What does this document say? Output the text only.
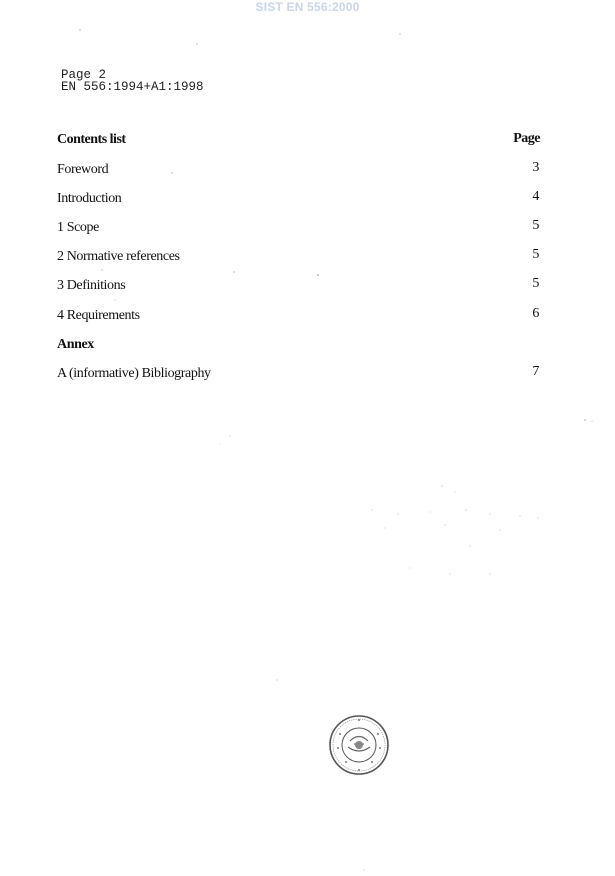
SIST EN 556:2000
Page 2
EN 556:1994+A1:1998
Contents list	Page
Foreword	3
Introduction	4
1 Scope	5
2 Normative references	5
3 Definitions	5
4 Requirements	6
Annex
A (informative) Bibliography	7
